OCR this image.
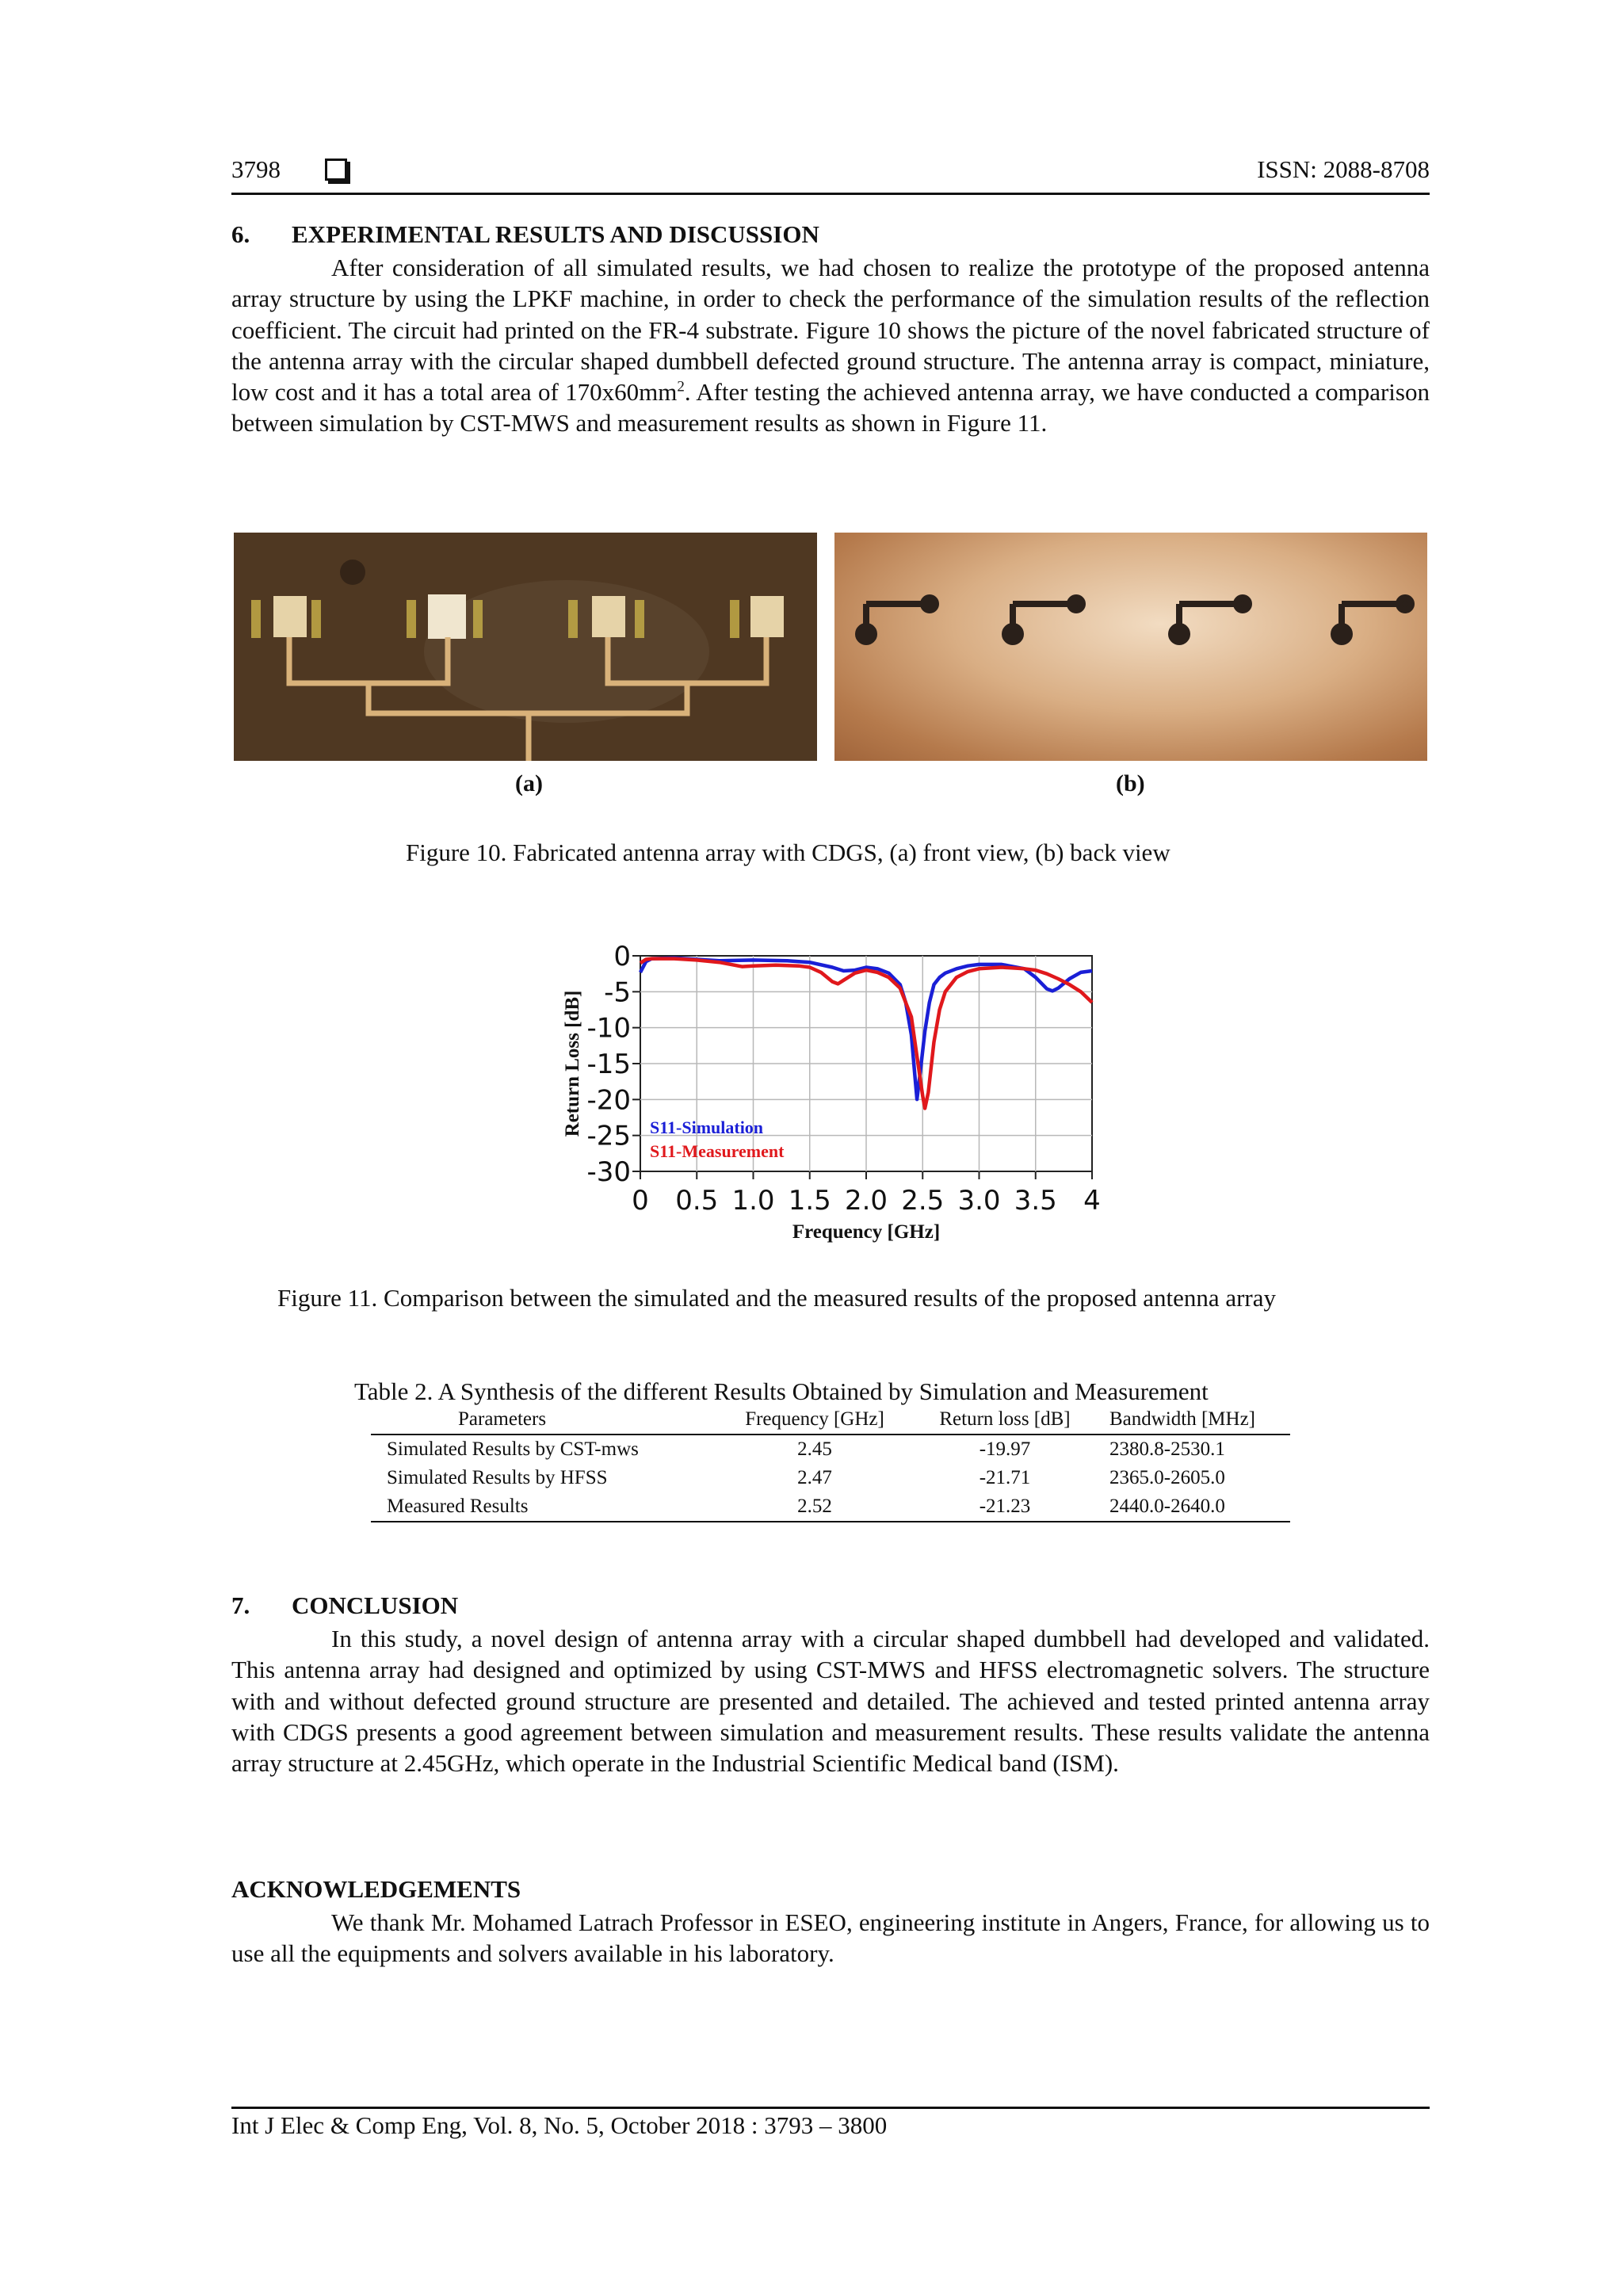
3798	ISSN: 2088-8708
6. EXPERIMENTAL RESULTS AND DISCUSSION

After consideration of all simulated results, we had chosen to realize the prototype of the proposed antenna array structure by using the LPKF machine, in order to check the performance of the simulation results of the reflection coefficient. The circuit had printed on the FR-4 substrate. Figure 10 shows the picture of the novel fabricated structure of the antenna array with the circular shaped dumbbell defected ground structure. The antenna array is compact, miniature, low cost and it has a total area of $170x60mm^2$. After testing the achieved antenna array, we have conducted a comparison between simulation by CST-MWS and measurement results as shown in Figure 11.

(a)	(b)
Figure 10. Fabricated antenna array with CDGS, (a) front view, (b) back view
0
-5
-10
-15
-20
-25
-30
0 0.5 1.0 1.5 2.0 2.5 3.0 3.5 4
Frequency [GHz]
Return Loss [dB]	S11-Simulation
S11-Measurement
Figure 11. Comparison between the simulated and the measured results of the proposed antenna array
Table 2. A Synthesis of the different Results Obtained by Simulation and Measurement
Parameters	Frequency [GHz]	Return loss [dB]	Bandwidth [MHz]
Simulated Results by CST-mws	2.45	-19.97	2380.8-2530.1
Simulated Results by HFSS	2.47	-21.71	2365.0-2605.0
Measured Results	2.52	-21.23	2440.0-2640.0
7. CONCLUSION

In this study, a novel design of antenna array with a circular shaped dumbbell had developed and validated. This antenna array had designed and optimized by using CST-MWS and HFSS electromagnetic solvers. The structure with and without defected ground structure are presented and detailed. The achieved and tested printed antenna array with CDGS presents a good agreement between simulation and measurement results. These results validate the antenna array structure at 2.45GHz, which operate in the Industrial Scientific Medical band (ISM).

ACKNOWLEDGEMENTS

We thank Mr. Mohamed Latrach Professor in ESEO, engineering institute in Angers, France, for allowing us to use all the equipments and solvers available in his laboratory.

Int J Elec & Comp Eng, Vol. 8, No. 5, October 2018 : 3793 – 3800
